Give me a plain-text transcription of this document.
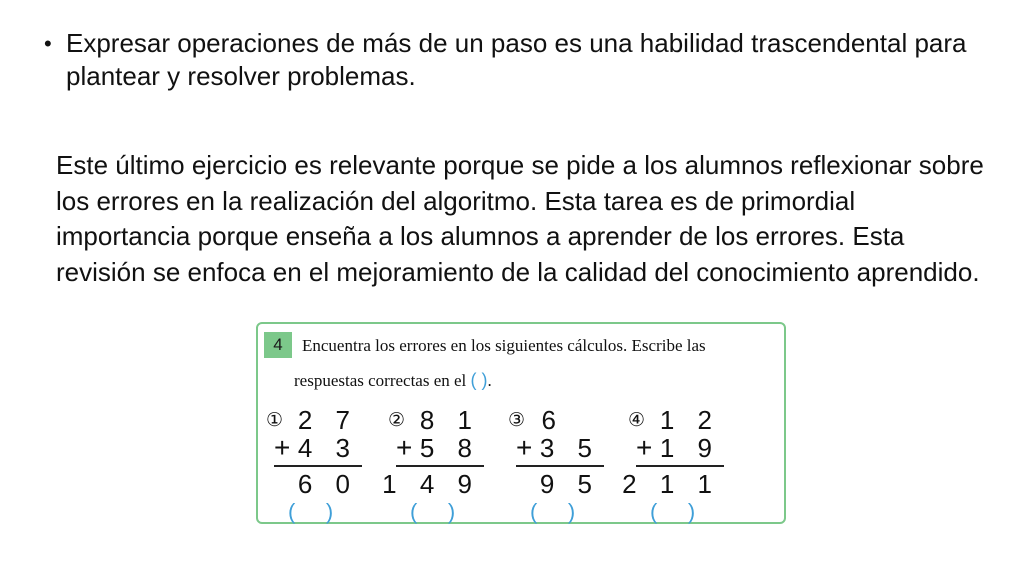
• Expresar operaciones de más de un paso es una habilidad trascendental para plantear y resolver problemas.
Este último ejercicio es relevante porque se pide a los alumnos reflexionar sobre los errores en la realización del algoritmo. Esta tarea es de primordial importancia porque enseña a los alumnos a aprender de los errores. Esta revisión se enfoca en el mejoramiento de la calidad del conocimiento aprendido.
4	Encuentra los errores en los siguientes cálculos. Escribe las
respuestas correctas en el ( ).
① 2 7
+ 4 3
6 0
(     )
② 8 1
+ 5 8
1 4 9
(     )
③ 6
+ 3 5
9 5
(     )
④ 1 2
+ 1 9
2 1 1
(     )
